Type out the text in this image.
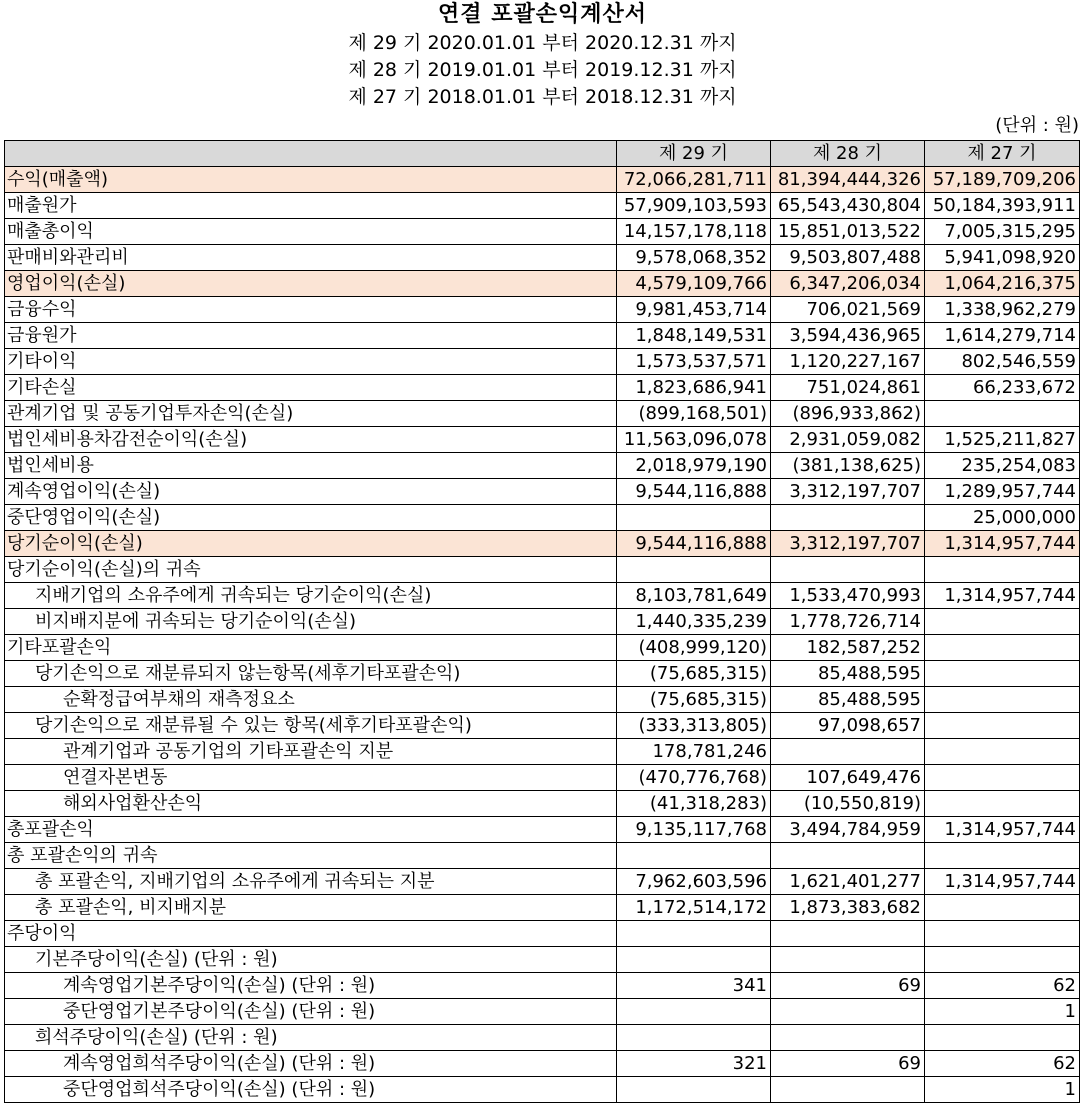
연결 포괄손익계산서
제 29 기 2020.01.01 부터 2020.12.31 까지
제 28 기 2019.01.01 부터 2019.12.31 까지
제 27 기 2018.01.01 부터 2018.12.31 까지
(단위 : 원)
	제 29 기	제 28 기	제 27 기
수익(매출액)	72,066,281,711	81,394,444,326	57,189,709,206
매출원가	57,909,103,593	65,543,430,804	50,184,393,911
매출총이익	14,157,178,118	15,851,013,522	7,005,315,295
판매비와관리비	9,578,068,352	9,503,807,488	5,941,098,920
영업이익(손실)	4,579,109,766	6,347,206,034	1,064,216,375
금융수익	9,981,453,714	706,021,569	1,338,962,279
금융원가	1,848,149,531	3,594,436,965	1,614,279,714
기타이익	1,573,537,571	1,120,227,167	802,546,559
기타손실	1,823,686,941	751,024,861	66,233,672
관계기업 및 공동기업투자손익(손실)	(899,168,501)	(896,933,862)	
법인세비용차감전순이익(손실)	11,563,096,078	2,931,059,082	1,525,211,827
법인세비용	2,018,979,190	(381,138,625)	235,254,083
계속영업이익(손실)	9,544,116,888	3,312,197,707	1,289,957,744
중단영업이익(손실)			25,000,000
당기순이익(손실)	9,544,116,888	3,312,197,707	1,314,957,744
당기순이익(손실)의 귀속			
지배기업의 소유주에게 귀속되는 당기순이익(손실)	8,103,781,649	1,533,470,993	1,314,957,744
비지배지분에 귀속되는 당기순이익(손실)	1,440,335,239	1,778,726,714	
기타포괄손익	(408,999,120)	182,587,252	
당기손익으로 재분류되지 않는항목(세후기타포괄손익)	(75,685,315)	85,488,595	
순확정급여부채의 재측정요소	(75,685,315)	85,488,595	
당기손익으로 재분류될 수 있는 항목(세후기타포괄손익)	(333,313,805)	97,098,657	
관계기업과 공동기업의 기타포괄손익 지분	178,781,246		
연결자본변동	(470,776,768)	107,649,476	
해외사업환산손익	(41,318,283)	(10,550,819)	
총포괄손익	9,135,117,768	3,494,784,959	1,314,957,744
총 포괄손익의 귀속			
총 포괄손익, 지배기업의 소유주에게 귀속되는 지분	7,962,603,596	1,621,401,277	1,314,957,744
총 포괄손익, 비지배지분	1,172,514,172	1,873,383,682	
주당이익			
기본주당이익(손실) (단위 : 원)			
계속영업기본주당이익(손실) (단위 : 원)	341	69	62
중단영업기본주당이익(손실) (단위 : 원)			1
희석주당이익(손실) (단위 : 원)			
계속영업희석주당이익(손실) (단위 : 원)	321	69	62
중단영업희석주당이익(손실) (단위 : 원)			1
